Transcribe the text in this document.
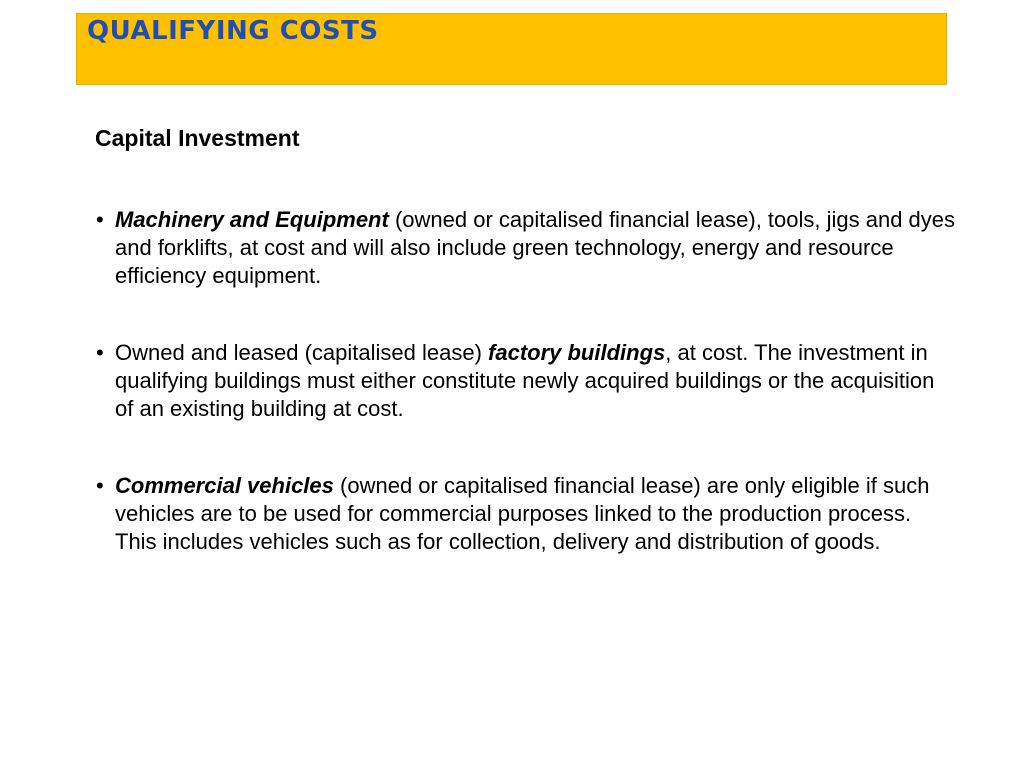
QUALIFYING COSTS
Capital Investment
• Machinery and Equipment (owned or capitalised financial lease), tools, jigs and dyes and forklifts, at cost and will also include green technology, energy and resource efficiency equipment.
• Owned and leased (capitalised lease) factory buildings, at cost. The investment in qualifying buildings must either constitute newly acquired buildings or the acquisition of an existing building at cost.
• Commercial vehicles (owned or capitalised financial lease) are only eligible if such vehicles are to be used for commercial purposes linked to the production process. This includes vehicles such as for collection, delivery and distribution of goods.
